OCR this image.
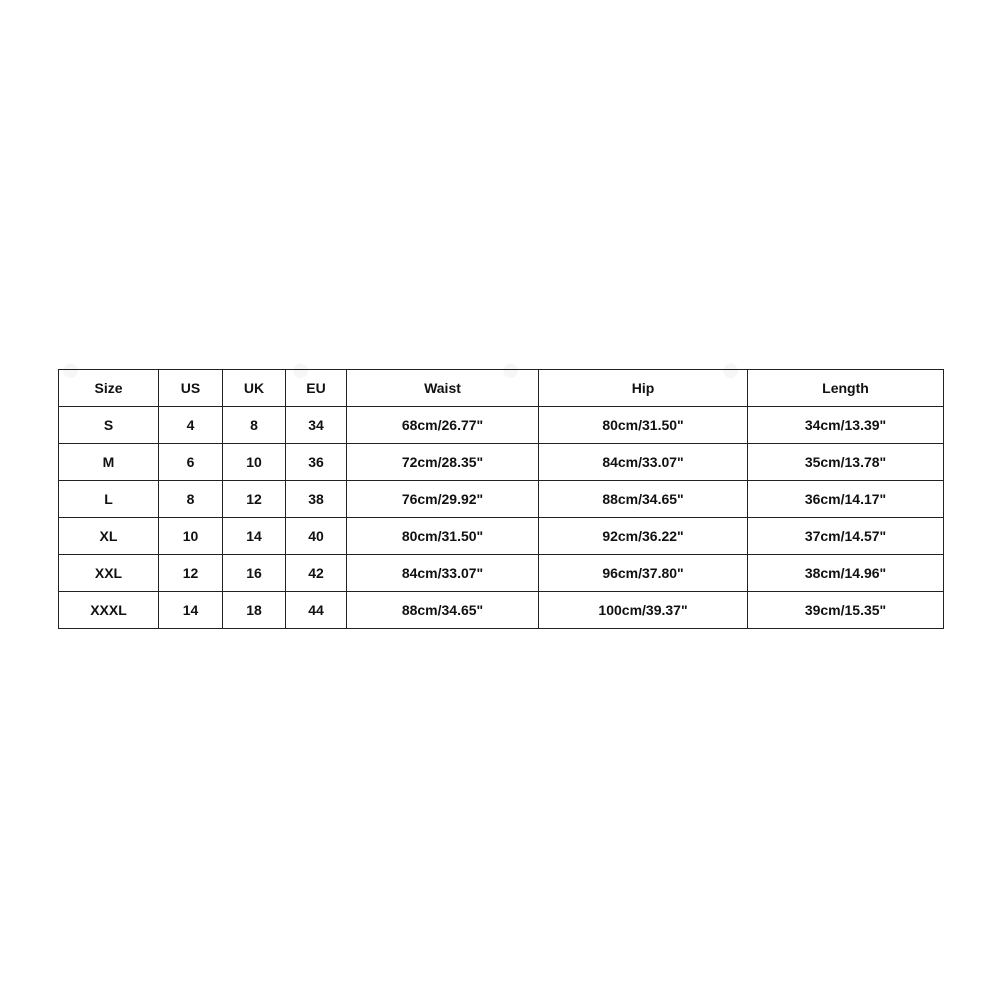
Size	US	UK	EU	Waist	Hip	Length
S	4	8	34	68cm/26.77"	80cm/31.50"	34cm/13.39"
M	6	10	36	72cm/28.35"	84cm/33.07"	35cm/13.78"
L	8	12	38	76cm/29.92"	88cm/34.65"	36cm/14.17"
XL	10	14	40	80cm/31.50"	92cm/36.22"	37cm/14.57"
XXL	12	16	42	84cm/33.07"	96cm/37.80"	38cm/14.96"
XXXL	14	18	44	88cm/34.65"	100cm/39.37"	39cm/15.35"
